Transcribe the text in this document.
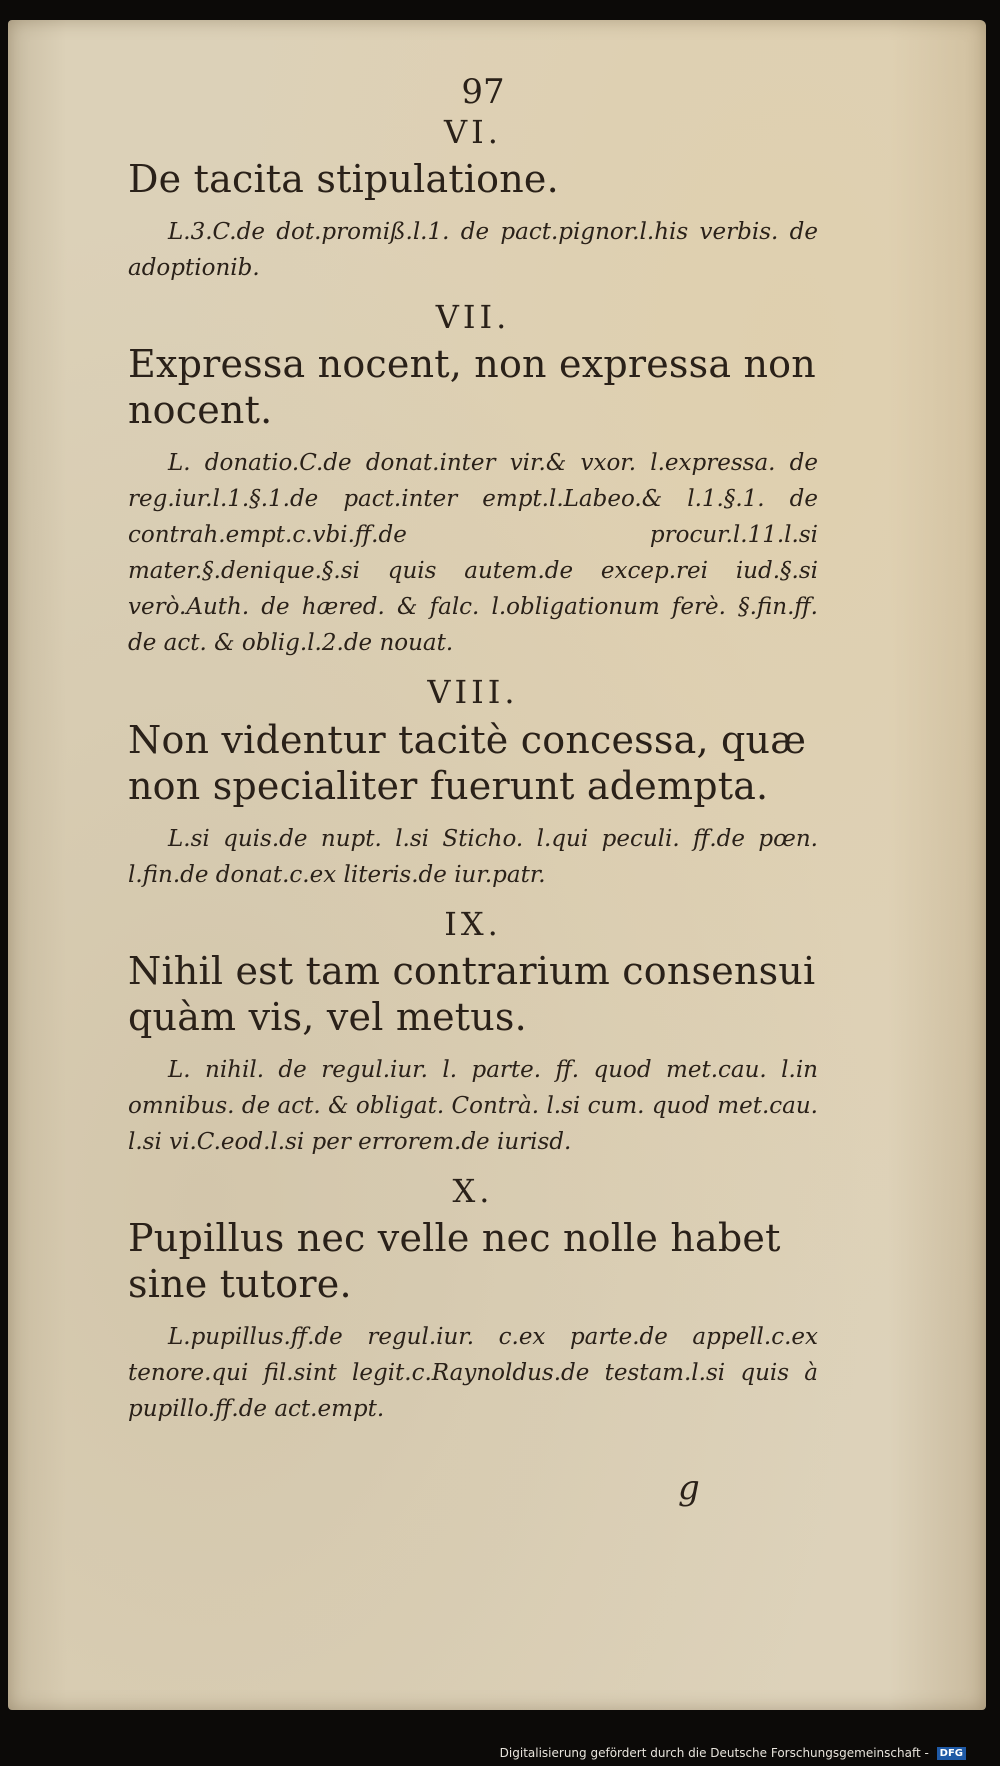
97

VI.

De tacita stipulatione.

L.3.C.de dot.promiß.l.1. de pact.pignor.l.his verbis. de adoptionib.

VII.

Expressa nocent, non expressa non nocent.

L. donatio.C.de donat.inter vir.& vxor. l.expressa. de reg.iur.l.1.§.1.de pact.inter empt.l.Labeo.& l.1.§.1. de contrah.empt.c.vbi.ff.de procur.l.11.l.si mater.§.denique.§.si quis autem.de excep.rei iud.§.si verò.Auth. de hæred. & falc. l.obligationum ferè. §.fin.ff. de act. & oblig.l.2.de nouat.

VIII.

Non videntur tacitè concessa, quæ non specialiter fuerunt adempta.

L.si quis.de nupt. l.si Sticho. l.qui peculi. ff.de pœn. l.fin.de donat.c.ex literis.de iur.patr.

IX.

Nihil est tam contrarium consensui quàm vis, vel metus.

L. nihil. de regul.iur. l. parte. ff. quod met.cau. l.in omnibus. de act. & obligat. Contrà. l.si cum. quod met.cau. l.si vi.C.eod.l.si per errorem.de iurisd.

X.

Pupillus nec velle nec nolle habet sine tutore.

L.pupillus.ff.de regul.iur. c.ex parte.de appell.c.ex tenore.qui fil.sint legit.c.Raynoldus.de testam.l.si quis à pupillo.ff.de act.empt.

g
Digitalisierung gefördert durch die Deutsche Forschungsgemeinschaft - DFG
